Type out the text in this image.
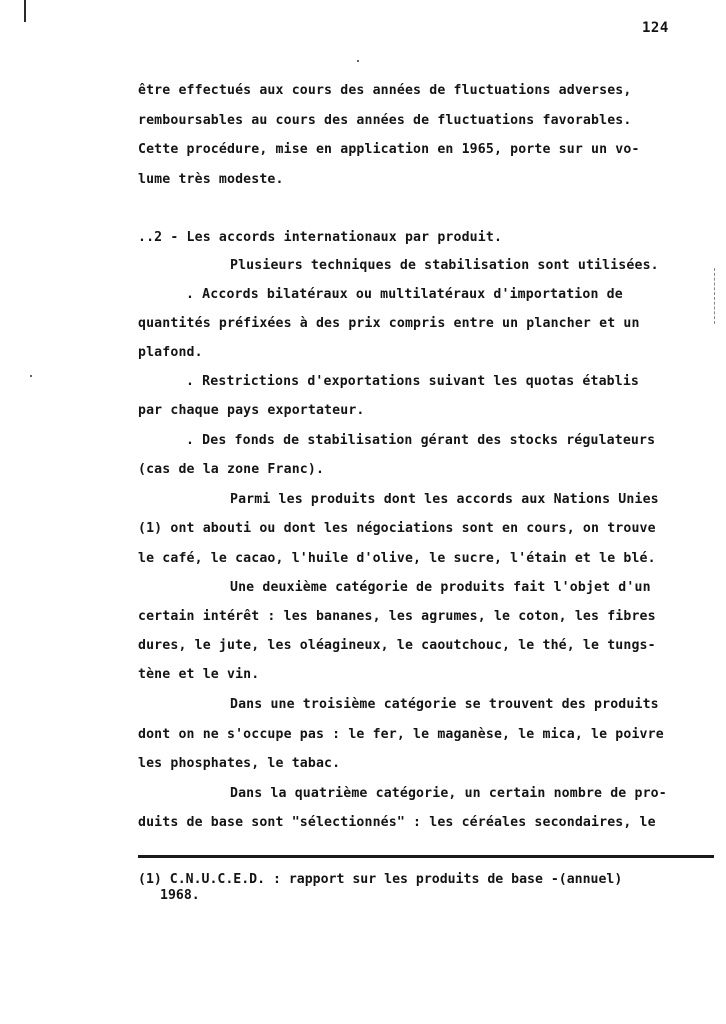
124
être effectués aux cours des années de fluctuations adverses,
remboursables au cours des années de fluctuations favorables.
Cette procédure, mise en application en 1965, porte sur un vo-
lume très modeste.
..2 - Les accords internationaux par produit.
Plusieurs techniques de stabilisation sont utilisées.
. Accords bilatéraux ou multilatéraux d'importation de
quantités préfixées à des prix compris entre un plancher et un
plafond.
. Restrictions d'exportations suivant les quotas établis
par chaque pays exportateur.
. Des fonds de stabilisation gérant des stocks régulateurs
(cas de la zone Franc).
Parmi les produits dont les accords aux Nations Unies
(1) ont abouti ou dont les négociations sont en cours, on trouve
le café, le cacao, l'huile d'olive, le sucre, l'étain et le blé.
Une deuxième catégorie de produits fait l'objet d'un
certain intérêt : les bananes, les agrumes, le coton, les fibres
dures, le jute, les oléagineux, le caoutchouc, le thé, le tungs-
tène et le vin.
Dans une troisième catégorie se trouvent des produits
dont on ne s'occupe pas : le fer, le maganèse, le mica, le poivre
les phosphates, le tabac.
Dans la quatrième catégorie, un certain nombre de pro-
duits de base sont "sélectionnés" : les céréales secondaires, le
(1) C.N.U.C.E.D. : rapport sur les produits de base -(annuel)
1968.
